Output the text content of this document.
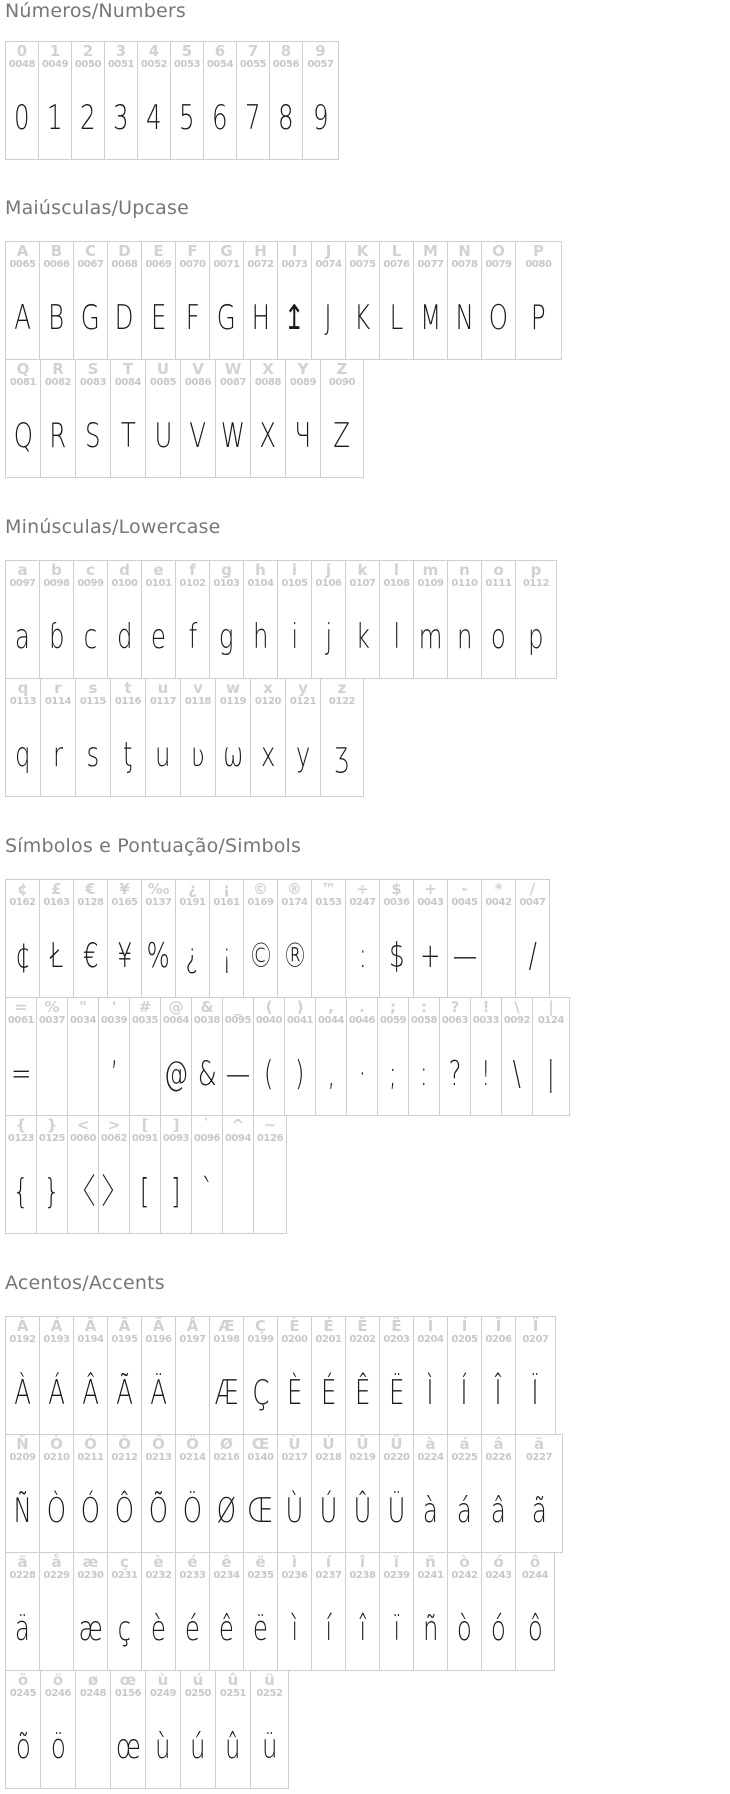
Números/Numbers
0
0048
0
1
0049
1
2
0050
2
3
0051
3
4
0052
4
5
0053
5
6
0054
6
7
0055
7
8
0056
8
9
0057
9
Maiúsculas/Upcase
A
0065
A
B
0066
B
C
0067
G
D
0068
D
E
0069
E
F
0070
F
G
0071
G
H
0072
H
I
0073
↥
J
0074
J
K
0075
K
L
0076
L
M
0077
M
N
0078
N
O
0079
O
P
0080
P
Q
0081
Q
R
0082
R
S
0083
S
T
0084
T
U
0085
U
V
0086
V
W
0087
W
X
0088
X
Y
0089
Ч
Z
0090
Z
Minúsculas/Lowercase
a
0097
a
b
0098
ɓ
c
0099
c
d
0100
d
e
0101
e
f
0102
f
g
0103
g
h
0104
h
i
0105
i
j
0106
j
k
0107
k
l
0108
l
m
0109
m
n
0110
n
o
0111
o
p
0112
p
q
0113
q
r
0114
r
s
0115
s
t
0116
ƫ
u
0117
u
v
0118
ʋ
w
0119
ω
x
0120
x
y
0121
y
z
0122
ʒ
Símbolos e Pontuação/Simbols
¢
0162
¢
£
0163
Ł
€
0128
€
¥
0165
¥
‰
0137
%
¿
0191
¿
¡
0161
¡
©
0169
©
®
0174
®
™
0153
÷
0247
:
$
0036
$
+
0043
+
-
0045
—
*
0042
/
0047
/
=
0061
=
%
0037
"
0034
'
0039
ʼ
#
0035
@
0064
@
&
0038
&
_
0095
—
(
0040
(
)
0041
)
,
0044
,
.
0046
·
;
0059
;
:
0058
:
?
0063
?
!
0033
!
\
0092
\
|
0124
|
{
0123
{
}
0125
}
<
0060
〈
>
0062
〉
[
0091
[
]
0093
]
`
0096
`
^
0094
~
0126
Acentos/Accents
À
0192
À
Á
0193
Á
Â
0194
Â
Ã
0195
Ã
Ä
0196
Ä
Å
0197
Æ
0198
Æ
Ç
0199
Ç
È
0200
È
É
0201
É
Ê
0202
Ê
Ë
0203
Ë
Ì
0204
Ì
Í
0205
Í
Î
0206
Î
Ï
0207
Ï
Ñ
0209
Ñ
Ò
0210
Ò
Ó
0211
Ó
Ô
0212
Ô
Õ
0213
Õ
Ö
0214
Ö
Ø
0216
Ø
Œ
0140
Œ
Ù
0217
Ù
Ú
0218
Ú
Û
0219
Û
Ü
0220
Ü
à
0224
à
á
0225
á
â
0226
â
ã
0227
ã
ä
0228
ä
å
0229
æ
0230
æ
ç
0231
ç
è
0232
è
é
0233
é
ê
0234
ê
ë
0235
ë
ì
0236
ì
í
0237
í
î
0238
î
ï
0239
ï
ñ
0241
ñ
ò
0242
ò
ó
0243
ó
ô
0244
ô
õ
0245
õ
ö
0246
ö
ø
0248
œ
0156
œ
ù
0249
ù
ú
0250
ú
û
0251
û
ü
0252
ü
